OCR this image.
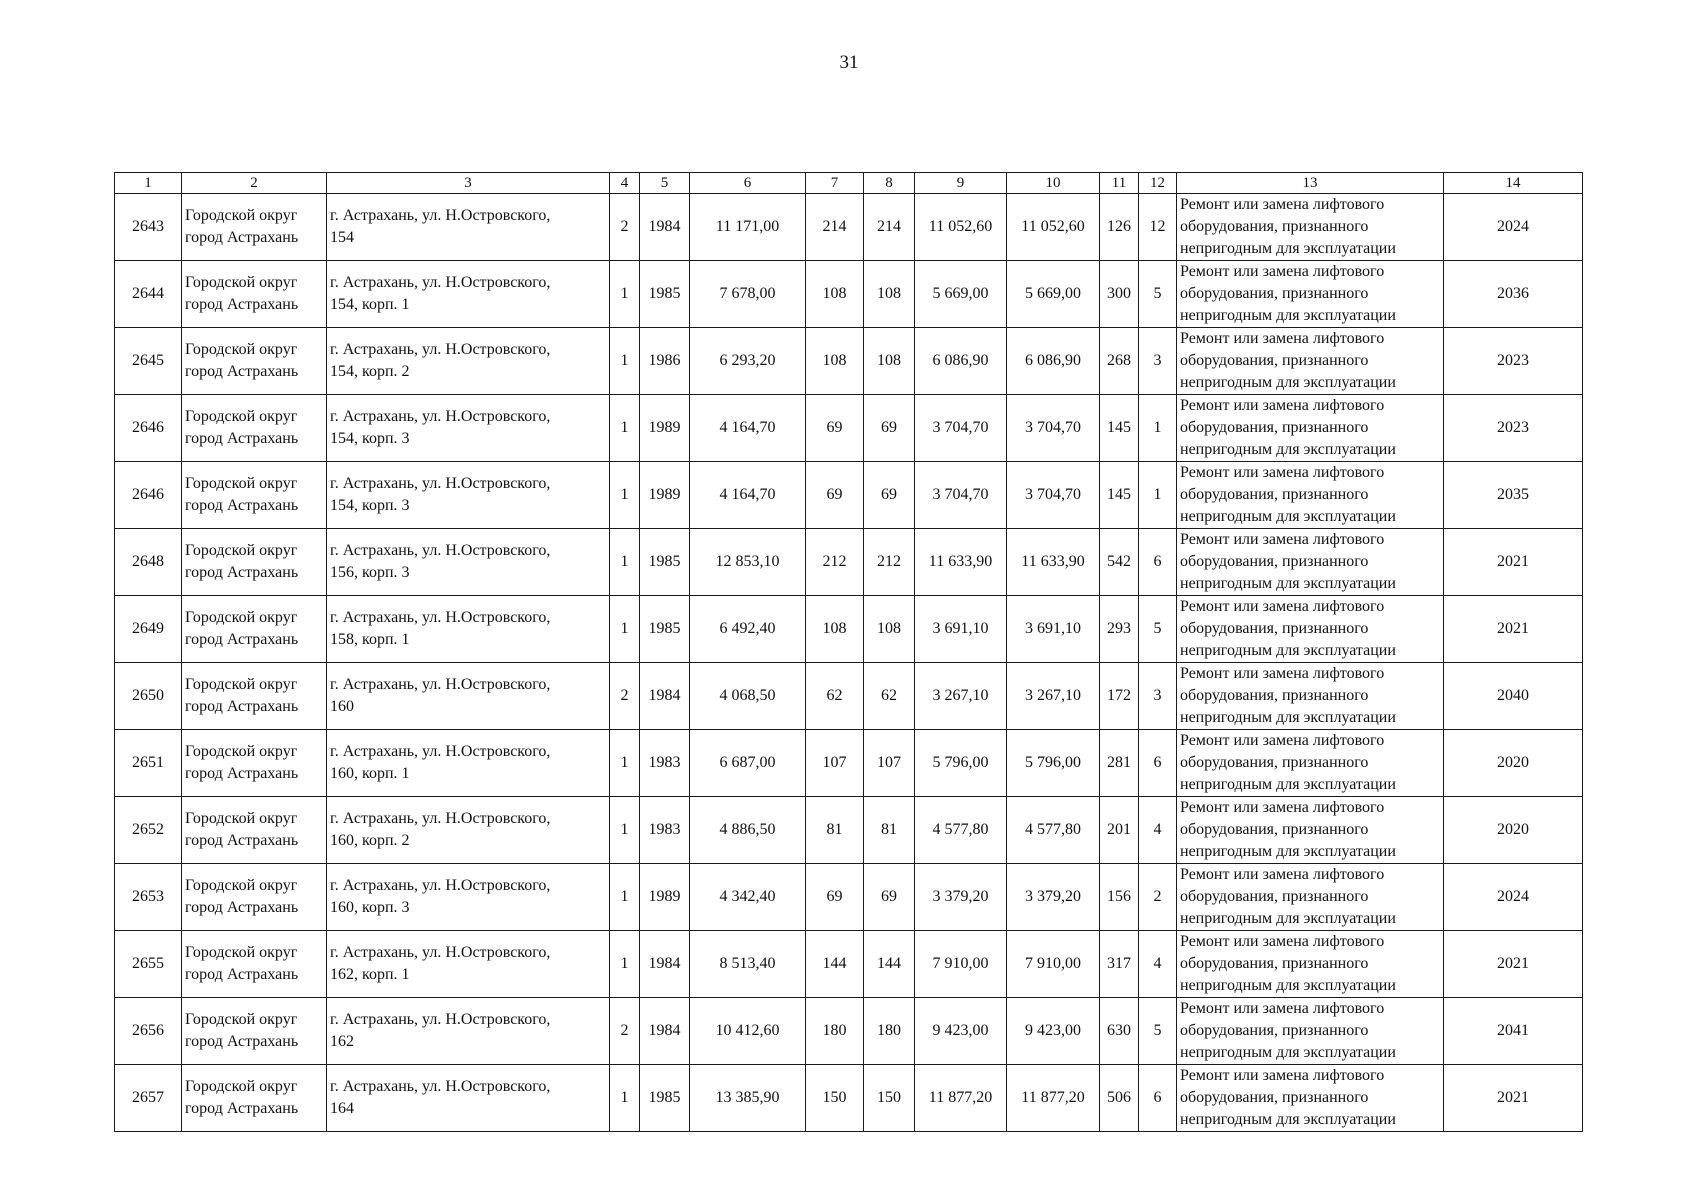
31
1	2	3	4	5	6	7	8	9	10	11	12	13	14
2643	Городской округ
город Астрахань	г. Астрахань, ул. Н.Островского,
154	2	1984	11 171,00	214	214	11 052,60	11 052,60	126	12	Ремонт или замена лифтового
оборудования, признанного
непригодным для эксплуатации	2024
2644	Городской округ
город Астрахань	г. Астрахань, ул. Н.Островского,
154, корп. 1	1	1985	7 678,00	108	108	5 669,00	5 669,00	300	5	Ремонт или замена лифтового
оборудования, признанного
непригодным для эксплуатации	2036
2645	Городской округ
город Астрахань	г. Астрахань, ул. Н.Островского,
154, корп. 2	1	1986	6 293,20	108	108	6 086,90	6 086,90	268	3	Ремонт или замена лифтового
оборудования, признанного
непригодным для эксплуатации	2023
2646	Городской округ
город Астрахань	г. Астрахань, ул. Н.Островского,
154, корп. 3	1	1989	4 164,70	69	69	3 704,70	3 704,70	145	1	Ремонт или замена лифтового
оборудования, признанного
непригодным для эксплуатации	2023
2646	Городской округ
город Астрахань	г. Астрахань, ул. Н.Островского,
154, корп. 3	1	1989	4 164,70	69	69	3 704,70	3 704,70	145	1	Ремонт или замена лифтового
оборудования, признанного
непригодным для эксплуатации	2035
2648	Городской округ
город Астрахань	г. Астрахань, ул. Н.Островского,
156, корп. 3	1	1985	12 853,10	212	212	11 633,90	11 633,90	542	6	Ремонт или замена лифтового
оборудования, признанного
непригодным для эксплуатации	2021
2649	Городской округ
город Астрахань	г. Астрахань, ул. Н.Островского,
158, корп. 1	1	1985	6 492,40	108	108	3 691,10	3 691,10	293	5	Ремонт или замена лифтового
оборудования, признанного
непригодным для эксплуатации	2021
2650	Городской округ
город Астрахань	г. Астрахань, ул. Н.Островского,
160	2	1984	4 068,50	62	62	3 267,10	3 267,10	172	3	Ремонт или замена лифтового
оборудования, признанного
непригодным для эксплуатации	2040
2651	Городской округ
город Астрахань	г. Астрахань, ул. Н.Островского,
160, корп. 1	1	1983	6 687,00	107	107	5 796,00	5 796,00	281	6	Ремонт или замена лифтового
оборудования, признанного
непригодным для эксплуатации	2020
2652	Городской округ
город Астрахань	г. Астрахань, ул. Н.Островского,
160, корп. 2	1	1983	4 886,50	81	81	4 577,80	4 577,80	201	4	Ремонт или замена лифтового
оборудования, признанного
непригодным для эксплуатации	2020
2653	Городской округ
город Астрахань	г. Астрахань, ул. Н.Островского,
160, корп. 3	1	1989	4 342,40	69	69	3 379,20	3 379,20	156	2	Ремонт или замена лифтового
оборудования, признанного
непригодным для эксплуатации	2024
2655	Городской округ
город Астрахань	г. Астрахань, ул. Н.Островского,
162, корп. 1	1	1984	8 513,40	144	144	7 910,00	7 910,00	317	4	Ремонт или замена лифтового
оборудования, признанного
непригодным для эксплуатации	2021
2656	Городской округ
город Астрахань	г. Астрахань, ул. Н.Островского,
162	2	1984	10 412,60	180	180	9 423,00	9 423,00	630	5	Ремонт или замена лифтового
оборудования, признанного
непригодным для эксплуатации	2041
2657	Городской округ
город Астрахань	г. Астрахань, ул. Н.Островского,
164	1	1985	13 385,90	150	150	11 877,20	11 877,20	506	6	Ремонт или замена лифтового
оборудования, признанного
непригодным для эксплуатации	2021
